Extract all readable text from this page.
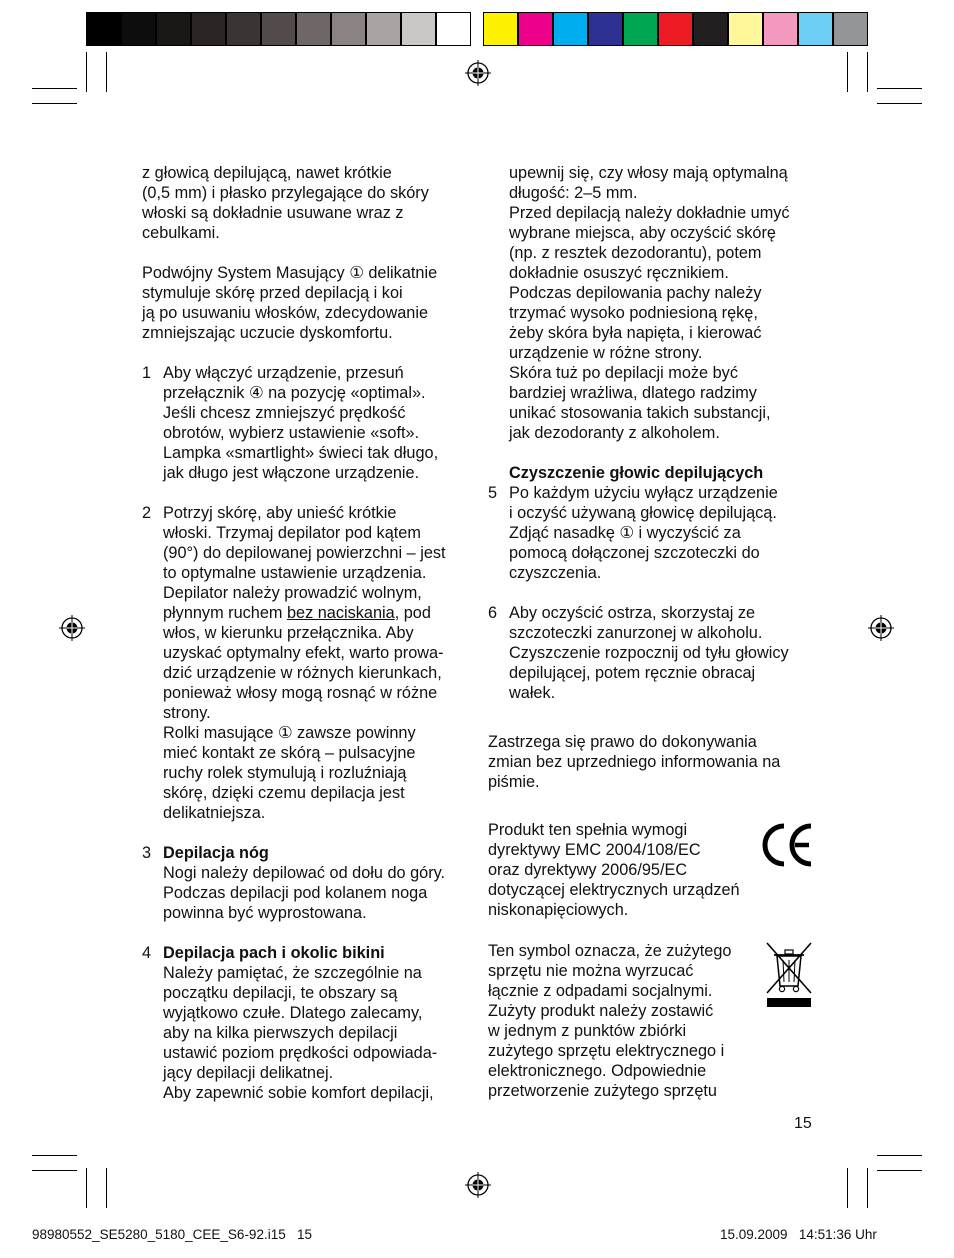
z głowicą depilującą, nawet krótkie
(0,5 mm) i płasko przylegające do skóry
włoski są dokładnie usuwane wraz z
cebulkami.

Podwójny System Masujący ① delikatnie
stymuluje skórę przed depilacją i koi
ją po usuwaniu włosków, zdecydowanie
zmniejszając uczucie dyskomfortu.

1 Aby włączyć urządzenie, przesuń
przełącznik ④ na pozycję «optimal».
Jeśli chcesz zmniejszyć prędkość
obrotów, wybierz ustawienie «soft».
Lampka «smartlight» świeci tak długo,
jak długo jest włączone urządzenie.
2 Potrzyj skórę, aby unieść krótkie
włoski. Trzymaj depilator pod kątem
(90°) do depilowanej powierzchni – jest
to optymalne ustawienie urządzenia.
Depilator należy prowadzić wolnym,
płynnym ruchem bez naciskania, pod
włos, w kierunku przełącznika. Aby
uzyskać optymalny efekt, warto prowa-
dzić urządzenie w różnych kierunkach,
ponieważ włosy mogą rosnąć w różne
strony.
Rolki masujące ① zawsze powinny
mieć kontakt ze skórą – pulsacyjne
ruchy rolek stymulują i rozluźniają
skórę, dzięki czemu depilacja jest
delikatniejsza.
3 Depilacja nóg
Nogi należy depilować od dołu do góry.
Podczas depilacji pod kolanem noga
powinna być wyprostowana.
4 Depilacja pach i okolic bikini
Należy pamiętać, że szczególnie na
początku depilacji, te obszary są
wyjątkowo czułe. Dlatego zalecamy,
aby na kilka pierwszych depilacji
ustawić poziom prędkości odpowiada-
jący depilacji delikatnej.
Aby zapewnić sobie komfort depilacji,
upewnij się, czy włosy mają optymalną
długość: 2–5 mm.
Przed depilacją należy dokładnie umyć
wybrane miejsca, aby oczyścić skórę
(np. z resztek dezodorantu), potem
dokładnie osuszyć ręcznikiem.
Podczas depilowania pachy należy
trzymać wysoko podniesioną rękę,
żeby skóra była napięta, i kierować
urządzenie w różne strony.
Skóra tuż po depilacji może być
bardziej wrażliwa, dlatego radzimy
unikać stosowania takich substancji,
jak dezodoranty z alkoholem.
Czyszczenie głowic depilujących
5 Po każdym użyciu wyłącz urządzenie
i oczyść używaną głowicę depilującą.
Zdjąć nasadkę ① i wyczyścić za
pomocą dołączonej szczoteczki do
czyszczenia.
6 Aby oczyścić ostrza, skorzystaj ze
szczoteczki zanurzonej w alkoholu.
Czyszczenie rozpocznij od tyłu głowicy
depilującej, potem ręcznie obracaj
wałek.
Zastrzega się prawo do dokonywania
zmian bez uprzedniego informowania na
piśmie.
Produkt ten spełnia wymogi
dyrektywy EMC 2004/108/EC
oraz dyrektywy 2006/95/EC
dotyczącej elektrycznych urządzeń
niskonapięciowych.
Ten symbol oznacza, że zużytego
sprzętu nie można wyrzucać
łącznie z odpadami socjalnymi.
Zużyty produkt należy zostawić
w jednym z punktów zbiórki
zużytego sprzętu elektrycznego i
elektronicznego. Odpowiednie
przetworzenie zużytego sprzętu
15
98980552_SE5280_5180_CEE_S6-92.i15   15	15.09.2009   14:51:36 Uhr
